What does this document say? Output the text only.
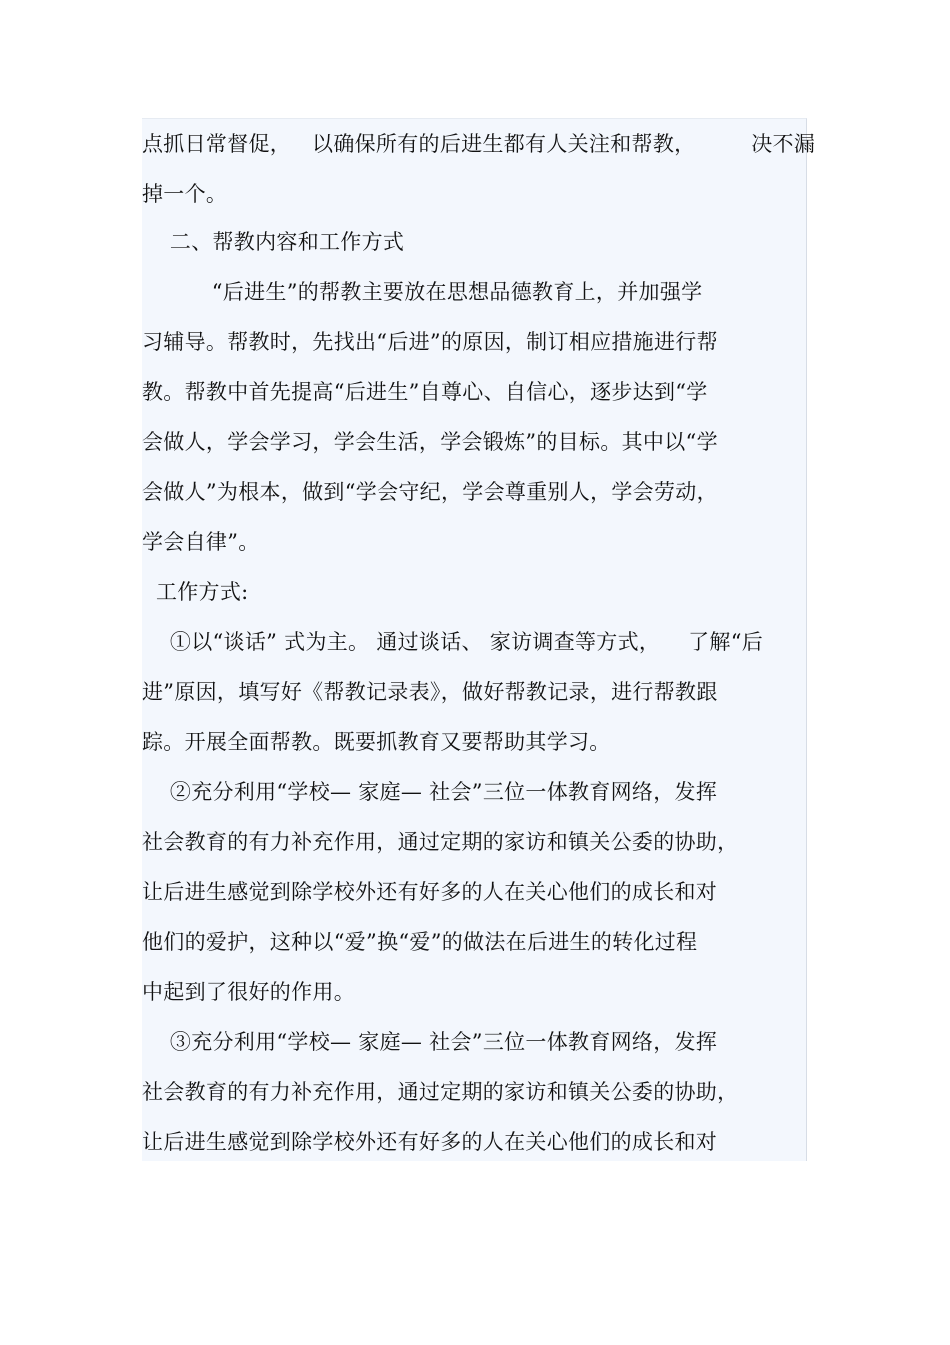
点抓日常督促，   以确保所有的后进生都有人关注和帮教，        决不漏
掉一个。
二、帮教内容和工作方式
“后进生”的帮教主要放在思想品德教育上，并加强学
习辅导。帮教时，先找出“后进”的原因，制订相应措施进行帮
教。帮教中首先提高“后进生”自尊心、自信心，逐步达到“学
会做人，学会学习，学会生活，学会锻炼”的目标。其中以“学
会做人”为根本，做到“学会守纪，学会尊重别人，学会劳动，
学会自律”。
工作方式:
①以“谈话” 式为主。 通过谈话、 家访调查等方式，    了解“后
进”原因，填写好《帮教记录表》，做好帮教记录，进行帮教跟
踪。开展全面帮教。既要抓教育又要帮助其学习。
②充分利用“学校— 家庭— 社会”三位一体教育网络，发挥
社会教育的有力补充作用，通过定期的家访和镇关公委的协助，
让后进生感觉到除学校外还有好多的人在关心他们的成长和对
他们的爱护，这种以“爱”换“爱”的做法在后进生的转化过程
中起到了很好的作用。
③充分利用“学校— 家庭— 社会”三位一体教育网络，发挥
社会教育的有力补充作用，通过定期的家访和镇关公委的协助，
让后进生感觉到除学校外还有好多的人在关心他们的成长和对
